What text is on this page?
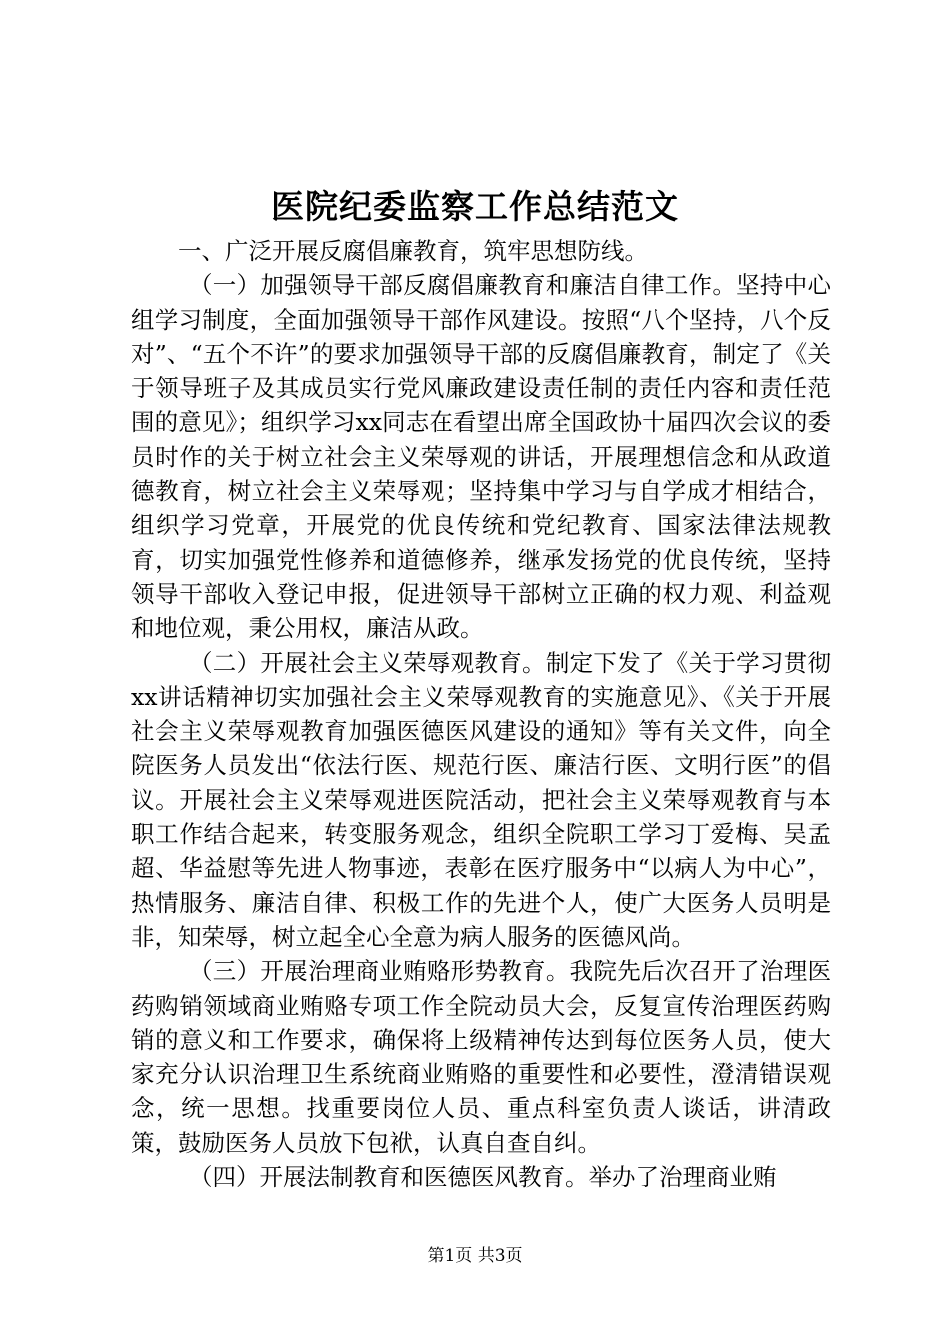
医院纪委监察工作总结范文

一、广泛开展反腐倡廉教育，筑牢思想防线。

（一）加强领导干部反腐倡廉教育和廉洁自律工作。坚持中心组学习制度，全面加强领导干部作风建设。按照“八个坚持，八个反对”、“五个不许”的要求加强领导干部的反腐倡廉教育，制定了《关于领导班子及其成员实行党风廉政建设责任制的责任内容和责任范围的意见》；组织学习xx同志在看望出席全国政协十届四次会议的委员时作的关于树立社会主义荣辱观的讲话，开展理想信念和从政道德教育，树立社会主义荣辱观；坚持集中学习与自学成才相结合，组织学习党章，开展党的优良传统和党纪教育、国家法律法规教育，切实加强党性修养和道德修养，继承发扬党的优良传统，坚持领导干部收入登记申报，促进领导干部树立正确的权力观、利益观和地位观，秉公用权，廉洁从政。

（二）开展社会主义荣辱观教育。制定下发了《关于学习贯彻xx讲话精神切实加强社会主义荣辱观教育的实施意见》、《关于开展社会主义荣辱观教育加强医德医风建设的通知》等有关文件，向全院医务人员发出“依法行医、规范行医、廉洁行医、文明行医”的倡议。开展社会主义荣辱观进医院活动，把社会主义荣辱观教育与本职工作结合起来，转变服务观念，组织全院职工学习丁爱梅、吴孟超、华益慰等先进人物事迹，表彰在医疗服务中“以病人为中心”，热情服务、廉洁自律、积极工作的先进个人，使广大医务人员明是非，知荣辱，树立起全心全意为病人服务的医德风尚。

（三）开展治理商业贿赂形势教育。我院先后次召开了治理医药购销领域商业贿赂专项工作全院动员大会，反复宣传治理医药购销的意义和工作要求，确保将上级精神传达到每位医务人员，使大家充分认识治理卫生系统商业贿赂的重要性和必要性，澄清错误观念，统一思想。找重要岗位人员、重点科室负责人谈话，讲清政策，鼓励医务人员放下包袱，认真自查自纠。

（四）开展法制教育和医德医风教育。举办了治理商业贿

第1页 共3页
